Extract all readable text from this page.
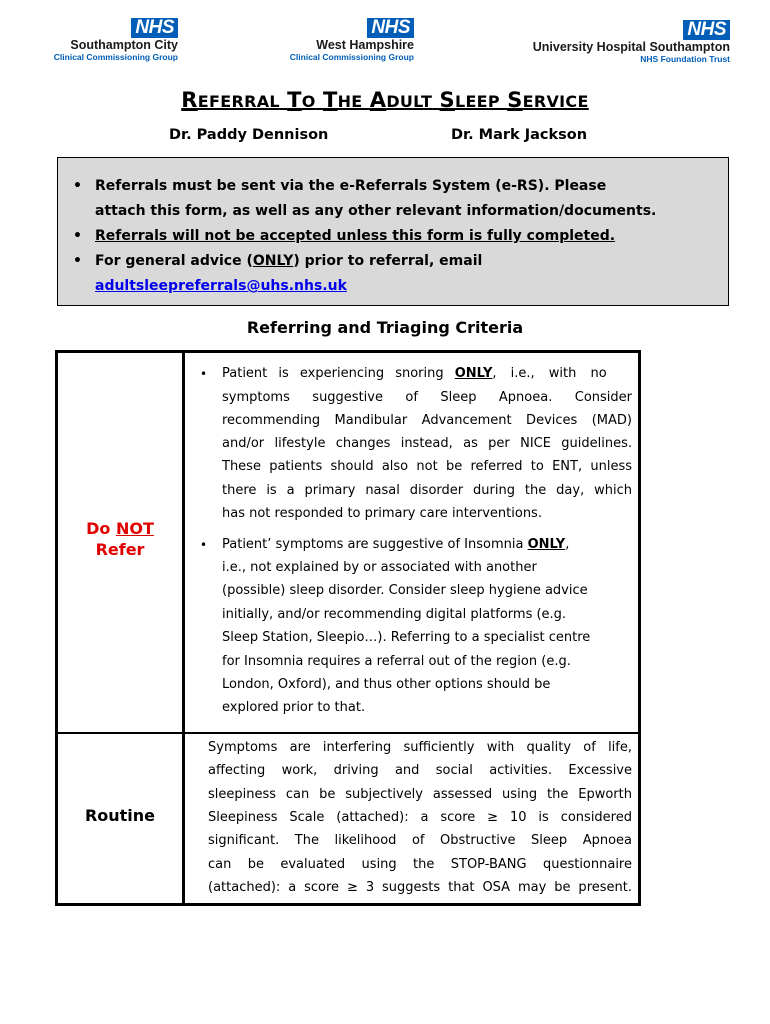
NHS
Southampton City
Clinical Commissioning Group
NHS
West Hampshire
Clinical Commissioning Group
NHS
University Hospital Southampton
NHS Foundation Trust
REFERRAL TO THE ADULT SLEEP SERVICE
Dr. Paddy Dennison	Dr. Mark Jackson
• Referrals must be sent via the e-Referrals System (e-RS). Please
attach this form, as well as any other relevant information/documents.
• Referrals will not be accepted unless this form is fully completed.
• For general advice (ONLY) prior to referral, email
adultsleepreferrals@uhs.nhs.uk
Referring and Triaging Criteria
Do NOT
Refer
• Patient is experiencing snoring ONLY, i.e., with no
symptoms suggestive of Sleep Apnoea. Consider
recommending Mandibular Advancement Devices (MAD)
and/or lifestyle changes instead, as per NICE guidelines.
These patients should also not be referred to ENT, unless
there is a primary nasal disorder during the day, which
has not responded to primary care interventions.
• Patient’ symptoms are suggestive of Insomnia ONLY,
i.e., not explained by or associated with another
(possible) sleep disorder. Consider sleep hygiene advice
initially, and/or recommending digital platforms (e.g.
Sleep Station, Sleepio…). Referring to a specialist centre
for Insomnia requires a referral out of the region (e.g.
London, Oxford), and thus other options should be
explored prior to that.
Routine
Symptoms are interfering sufficiently with quality of life,
affecting work, driving and social activities. Excessive
sleepiness can be subjectively assessed using the Epworth
Sleepiness Scale (attached): a score ≥ 10 is considered
significant. The likelihood of Obstructive Sleep Apnoea
can be evaluated using the STOP-BANG questionnaire
(attached): a score ≥ 3 suggests that OSA may be present.
